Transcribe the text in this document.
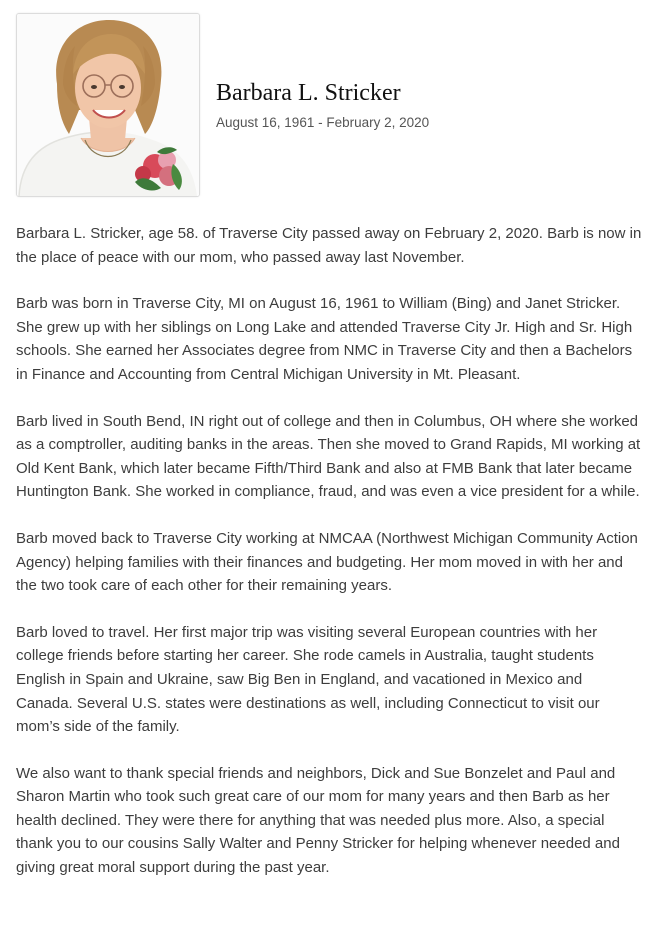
Barbara L. Stricker
August 16, 1961 - February 2, 2020

Barbara L. Stricker, age 58. of Traverse City passed away on February 2, 2020. Barb is now in the place of peace with our mom, who passed away last November.

Barb was born in Traverse City, MI on August 16, 1961 to William (Bing) and Janet Stricker. She grew up with her siblings on Long Lake and attended Traverse City Jr. High and Sr. High schools. She earned her Associates degree from NMC in Traverse City and then a Bachelors in Finance and Accounting from Central Michigan University in Mt. Pleasant.

Barb lived in South Bend, IN right out of college and then in Columbus, OH where she worked as a comptroller, auditing banks in the areas. Then she moved to Grand Rapids, MI working at Old Kent Bank, which later became Fifth/Third Bank and also at FMB Bank that later became Huntington Bank. She worked in compliance, fraud, and was even a vice president for a while.

Barb moved back to Traverse City working at NMCAA (Northwest Michigan Community Action Agency) helping families with their finances and budgeting. Her mom moved in with her and the two took care of each other for their remaining years.

Barb loved to travel. Her first major trip was visiting several European countries with her college friends before starting her career. She rode camels in Australia, taught students English in Spain and Ukraine, saw Big Ben in England, and vacationed in Mexico and Canada. Several U.S. states were destinations as well, including Connecticut to visit our mom’s side of the family.

We also want to thank special friends and neighbors, Dick and Sue Bonzelet and Paul and Sharon Martin who took such great care of our mom for many years and then Barb as her health declined. They were there for anything that was needed plus more. Also, a special thank you to our cousins Sally Walter and Penny Stricker for helping whenever needed and giving great moral support during the past year.
